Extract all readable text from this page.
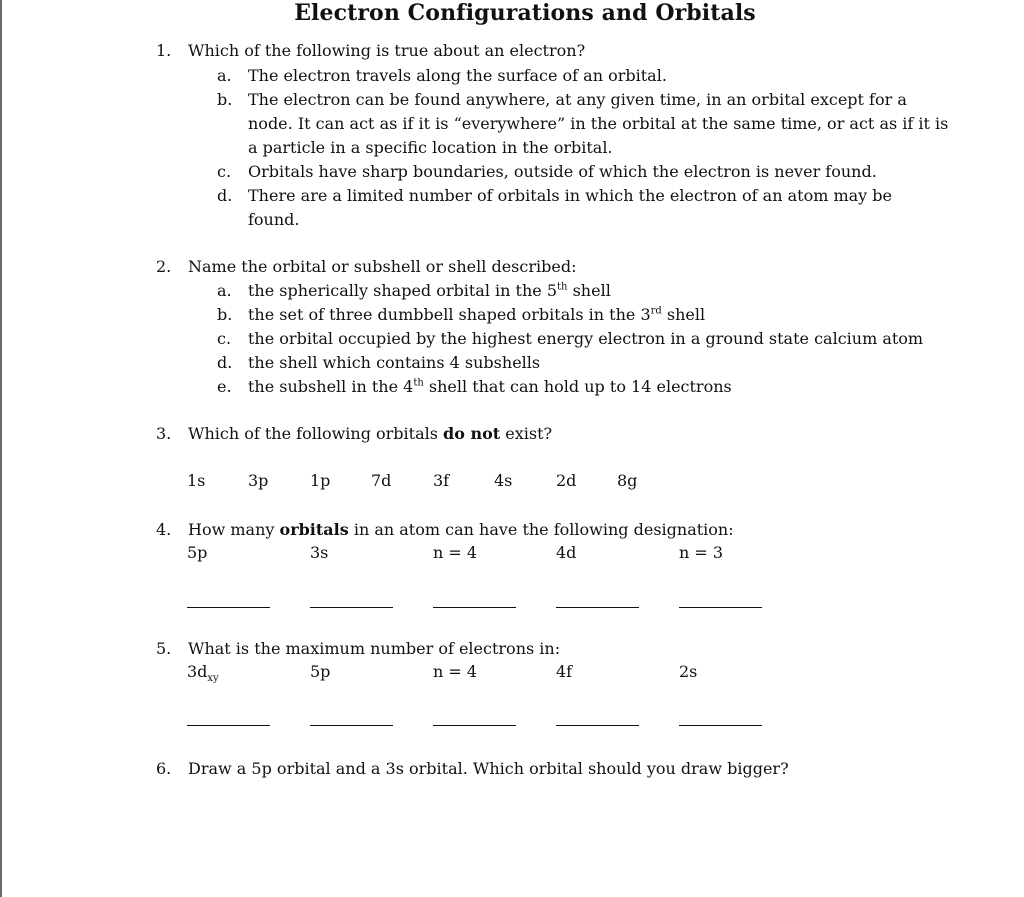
Electron Configurations and Orbitals
1.	Which of the following is true about an electron?
a.	The electron travels along the surface of an orbital.
b. The electron can be found anywhere, at any given time, in an orbital except for a
node. It can act as if it is “everywhere” in the orbital at the same time, or act as if it is
a particle in a specific location in the orbital.
c.	Orbitals have sharp boundaries, outside of which the electron is never found.
d. There are a limited number of orbitals in which the electron of an atom may be
found.
2.	Name the orbital or subshell or shell described:
a.	the spherically shaped orbital in the 5th shell
b. the set of three dumbbell shaped orbitals in the 3rd shell
c.	the orbital occupied by the highest energy electron in a ground state calcium atom
d. the shell which contains 4 subshells
e.	the subshell in the 4th shell that can hold up to 14 electrons
3.	Which of the following orbitals do not exist?
1s	3p	1p	7d	3f	4s	2d	8g
4.	How many orbitals in an atom can have the following designation:
5p	3s	n = 4	4d	n = 3
5.	What is the maximum number of electrons in:
$3d_{xy}$	5p	n = 4	4f	2s
6.	Draw a 5p orbital and a 3s orbital. Which orbital should you draw bigger?
